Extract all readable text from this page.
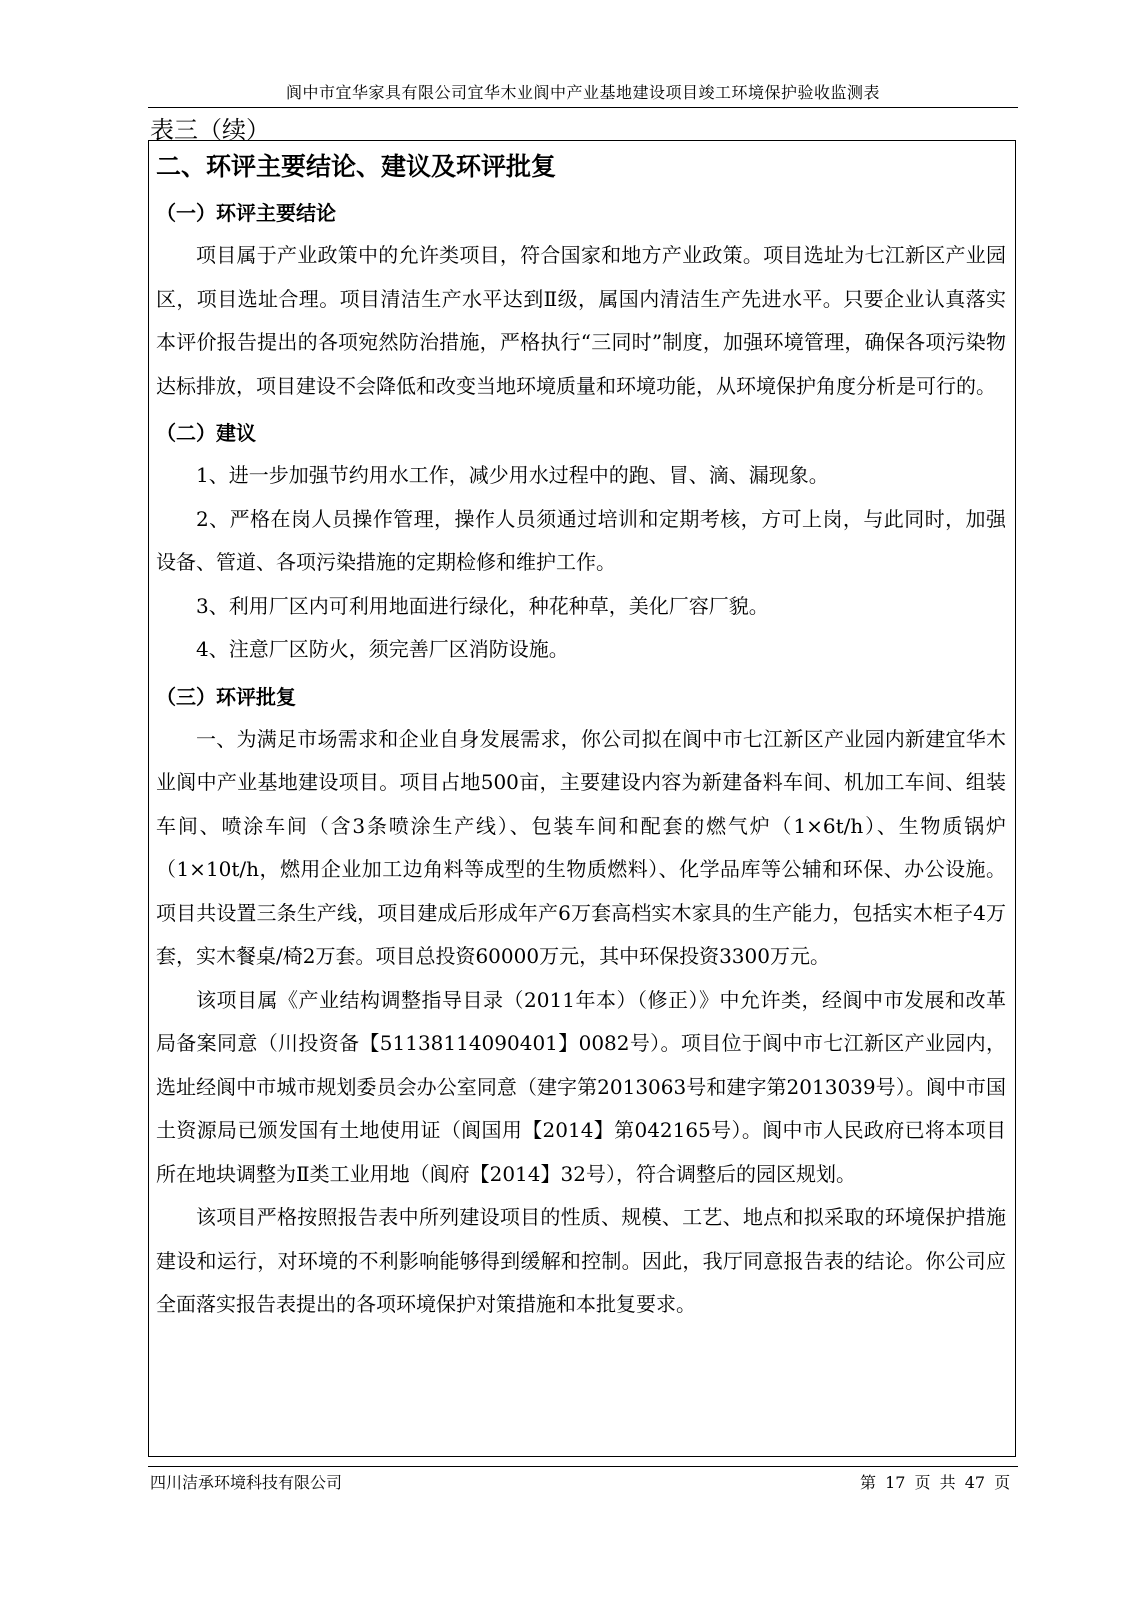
阆中市宜华家具有限公司宜华木业阆中产业基地建设项目竣工环境保护验收监测表
表三（续）
二、环评主要结论、建议及环评批复
（一）环评主要结论

项目属于产业政策中的允许类项目，符合国家和地方产业政策。项目选址为七江新区产业园区，项目选址合理。项目清洁生产水平达到Ⅱ级，属国内清洁生产先进水平。只要企业认真落实本评价报告提出的各项宛然防治措施，严格执行“三同时”制度，加强环境管理，确保各项污染物达标排放，项目建设不会降低和改变当地环境质量和环境功能，从环境保护角度分析是可行的。

（二）建议

1、进一步加强节约用水工作，减少用水过程中的跑、冒、滴、漏现象。

2、严格在岗人员操作管理，操作人员须通过培训和定期考核，方可上岗，与此同时，加强设备、管道、各项污染措施的定期检修和维护工作。

3、利用厂区内可利用地面进行绿化，种花种草，美化厂容厂貌。

4、注意厂区防火，须完善厂区消防设施。

（三）环评批复

一、为满足市场需求和企业自身发展需求，你公司拟在阆中市七江新区产业园内新建宜华木业阆中产业基地建设项目。项目占地500亩，主要建设内容为新建备料车间、机加工车间、组装车间、喷涂车间（含3条喷涂生产线）、包装车间和配套的燃气炉（1×6t/h）、生物质锅炉（1×10t/h，燃用企业加工边角料等成型的生物质燃料）、化学品库等公辅和环保、办公设施。项目共设置三条生产线，项目建成后形成年产6万套高档实木家具的生产能力，包括实木柜子4万套，实木餐桌/椅2万套。项目总投资60000万元，其中环保投资3300万元。

该项目属《产业结构调整指导目录（2011年本）（修正）》中允许类，经阆中市发展和改革局备案同意（川投资备【51138114090401】0082号）。项目位于阆中市七江新区产业园内，选址经阆中市城市规划委员会办公室同意（建字第2013063号和建字第2013039号）。阆中市国土资源局已颁发国有土地使用证（阆国用【2014】第042165号）。阆中市人民政府已将本项目所在地块调整为Ⅱ类工业用地（阆府【2014】32号），符合调整后的园区规划。

该项目严格按照报告表中所列建设项目的性质、规模、工艺、地点和拟采取的环境保护措施建设和运行，对环境的不利影响能够得到缓解和控制。因此，我厅同意报告表的结论。你公司应全面落实报告表提出的各项环境保护对策措施和本批复要求。

四川洁承环境科技有限公司	第 17 页 共 47 页
